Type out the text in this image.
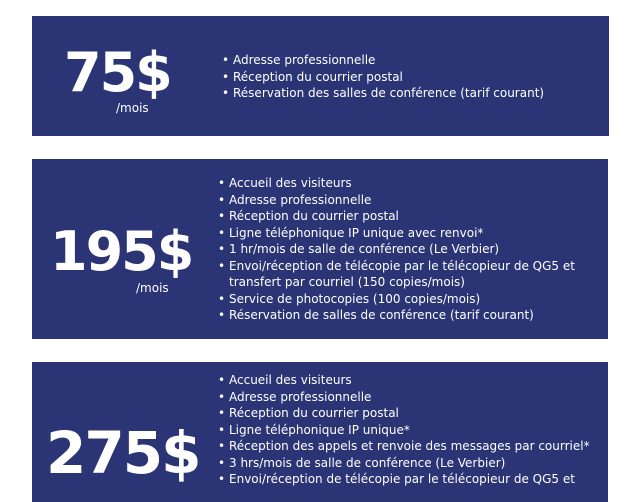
75$
/mois
• Adresse professionnelle
• Réception du courrier postal
• Réservation des salles de conférence (tarif courant)
195$
/mois
• Accueil des visiteurs
• Adresse professionnelle
• Réception du courrier postal
• Ligne téléphonique IP unique avec renvoi*
• 1 hr/mois de salle de conférence (Le Verbier)
• Envoi/réception de télécopie par le télécopieur de QG5 et transfert par courriel (150 copies/mois)
• Service de photocopies (100 copies/mois)
• Réservation de salles de conférence (tarif courant)
275$
• Accueil des visiteurs
• Adresse professionnelle
• Réception du courrier postal
• Ligne téléphonique IP unique*
• Réception des appels et renvoie des messages par courriel*
• 3 hrs/mois de salle de conférence (Le Verbier)
• Envoi/réception de télécopie par le télécopieur de QG5 et
